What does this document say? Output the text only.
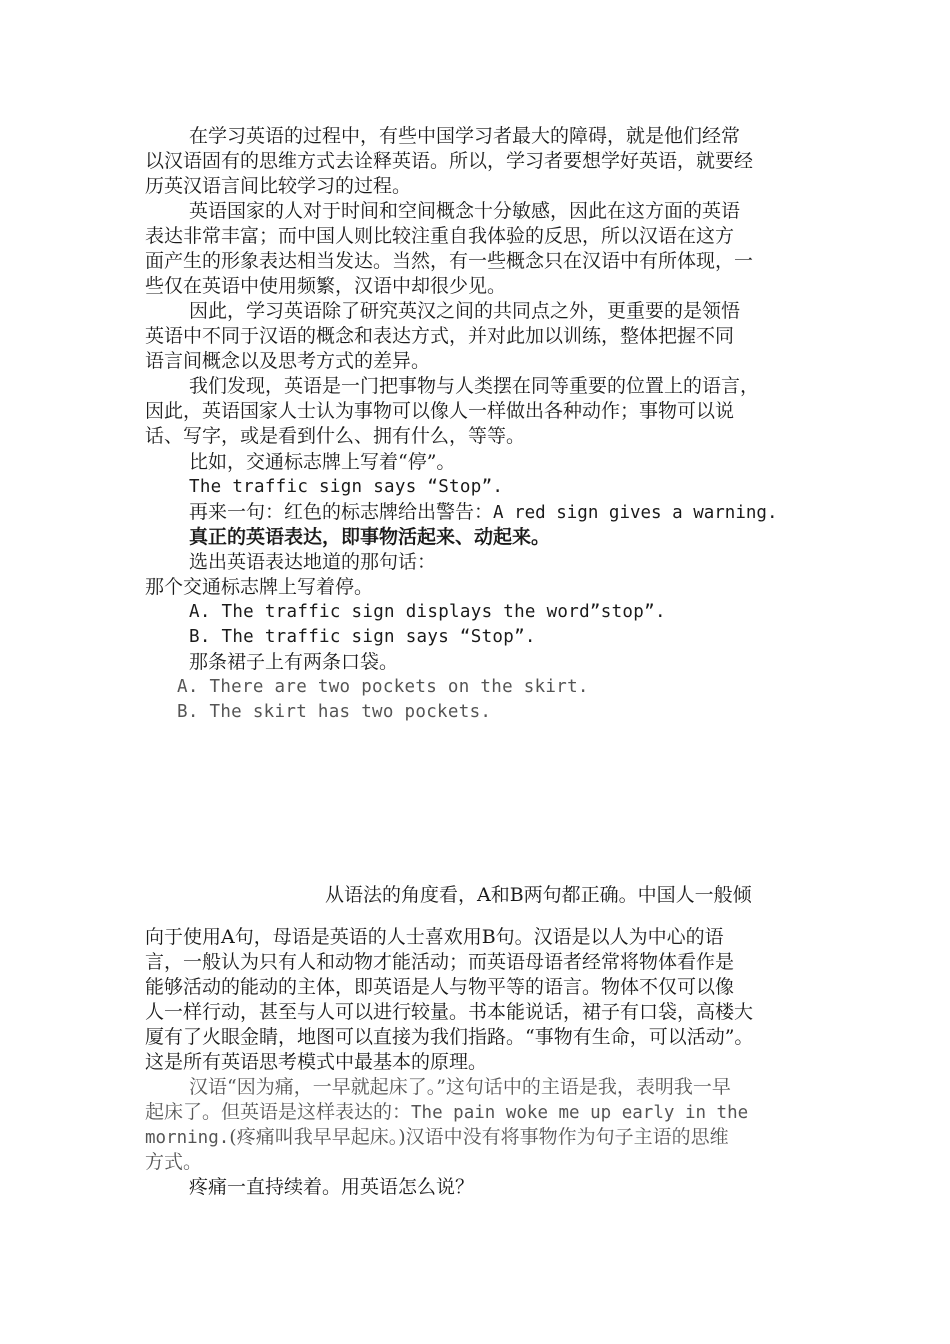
在学习英语的过程中，有些中国学习者最大的障碍，就是他们经常
以汉语固有的思维方式去诠释英语。所以，学习者要想学好英语，就要经
历英汉语言间比较学习的过程。
英语国家的人对于时间和空间概念十分敏感，因此在这方面的英语
表达非常丰富；而中国人则比较注重自我体验的反思，所以汉语在这方
面产生的形象表达相当发达。当然，有一些概念只在汉语中有所体现，一
些仅在英语中使用频繁，汉语中却很少见。
因此，学习英语除了研究英汉之间的共同点之外，更重要的是领悟
英语中不同于汉语的概念和表达方式，并对此加以训练，整体把握不同
语言间概念以及思考方式的差异。
我们发现，英语是一门把事物与人类摆在同等重要的位置上的语言，
因此，英语国家人士认为事物可以像人一样做出各种动作；事物可以说
话、写字，或是看到什么、拥有什么，等等。
比如，交通标志牌上写着“停”。
The traffic sign says “Stop”.
再来一句：红色的标志牌给出警告：A red sign gives a warning.
真正的英语表达，即事物活起来、动起来。
选出英语表达地道的那句话：
那个交通标志牌上写着停。
A. The traffic sign displays the word”stop”.
B. The traffic sign says “Stop”.
那条裙子上有两条口袋。
A. There are two pockets on the skirt.
B. The skirt has two pockets.
从语法的角度看，A和B两句都正确。中国人一般倾
向于使用A句，母语是英语的人士喜欢用B句。汉语是以人为中心的语
言，一般认为只有人和动物才能活动；而英语母语者经常将物体看作是
能够活动的能动的主体，即英语是人与物平等的语言。物体不仅可以像
人一样行动，甚至与人可以进行较量。书本能说话，裙子有口袋，高楼大
厦有了火眼金睛，地图可以直接为我们指路。“事物有生命，可以活动”。
这是所有英语思考模式中最基本的原理。
汉语“因为痛，一早就起床了。”这句话中的主语是我，表明我一早
起床了。但英语是这样表达的：The pain woke me up early in the
morning.(疼痛叫我早早起床。)汉语中没有将事物作为句子主语的思维
方式。
疼痛一直持续着。用英语怎么说？
